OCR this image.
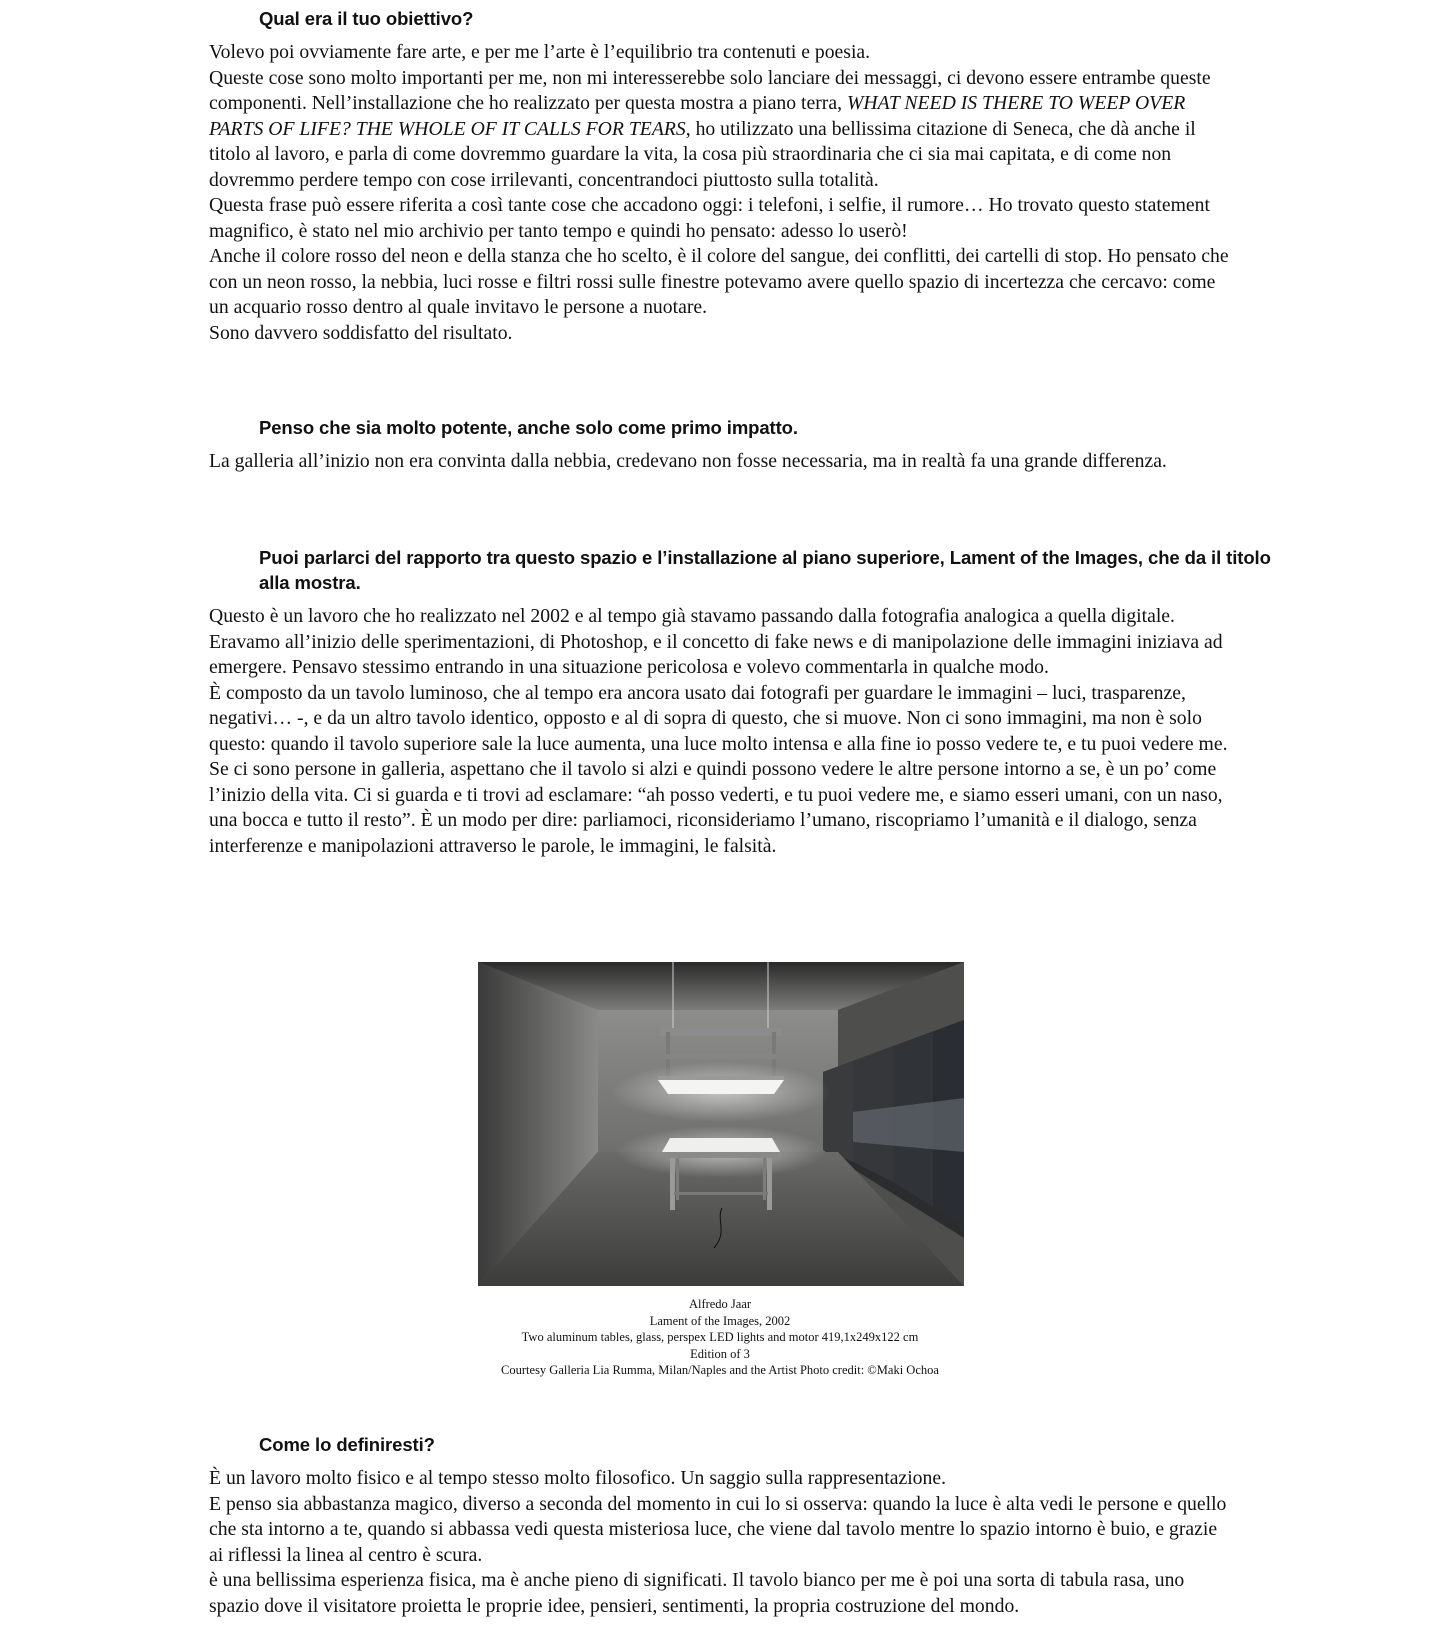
Qual era il tuo obiettivo?

Volevo poi ovviamente fare arte, e per me l’arte è l’equilibrio tra contenuti e poesia.

Queste cose sono molto importanti per me, non mi interesserebbe solo lanciare dei messaggi, ci devono essere entrambe queste componenti. Nell’installazione che ho realizzato per questa mostra a piano terra, WHAT NEED IS THERE TO WEEP OVER PARTS OF LIFE? THE WHOLE OF IT CALLS FOR TEARS, ho utilizzato una bellissima citazione di Seneca, che dà anche il titolo al lavoro, e parla di come dovremmo guardare la vita, la cosa più straordinaria che ci sia mai capitata, e di come non dovremmo perdere tempo con cose irrilevanti, concentrandoci piuttosto sulla totalità.

Questa frase può essere riferita a così tante cose che accadono oggi: i telefoni, i selfie, il rumore… Ho trovato questo statement magnifico, è stato nel mio archivio per tanto tempo e quindi ho pensato: adesso lo userò!

Anche il colore rosso del neon e della stanza che ho scelto, è il colore del sangue, dei conflitti, dei cartelli di stop. Ho pensato che con un neon rosso, la nebbia, luci rosse e filtri rossi sulle finestre potevamo avere quello spazio di incertezza che cercavo: come un acquario rosso dentro al quale invitavo le persone a nuotare.

Sono davvero soddisfatto del risultato.

Penso che sia molto potente, anche solo come primo impatto.

La galleria all’inizio non era convinta dalla nebbia, credevano non fosse necessaria, ma in realtà fa una grande differenza.

Puoi parlarci del rapporto tra questo spazio e l’installazione al piano superiore, Lament of the Images, che da il titolo alla mostra.

Questo è un lavoro che ho realizzato nel 2002 e al tempo già stavamo passando dalla fotografia analogica a quella digitale. Eravamo all’inizio delle sperimentazioni, di Photoshop, e il concetto di fake news e di manipolazione delle immagini iniziava ad emergere. Pensavo stessimo entrando in una situazione pericolosa e volevo commentarla in qualche modo.

È composto da un tavolo luminoso, che al tempo era ancora usato dai fotografi per guardare le immagini – luci, trasparenze, negativi… -, e da un altro tavolo identico, opposto e al di sopra di questo, che si muove. Non ci sono immagini, ma non è solo questo: quando il tavolo superiore sale la luce aumenta, una luce molto intensa e alla fine io posso vedere te, e tu puoi vedere me. Se ci sono persone in galleria, aspettano che il tavolo si alzi e quindi possono vedere le altre persone intorno a se, è un po’ come l’inizio della vita. Ci si guarda e ti trovi ad esclamare: “ah posso vederti, e tu puoi vedere me, e siamo esseri umani, con un naso, una bocca e tutto il resto”. È un modo per dire: parliamoci, riconsideriamo l’umano, riscopriamo l’umanità e il dialogo, senza interferenze e manipolazioni attraverso le parole, le immagini, le falsità.

Come lo definiresti?

È un lavoro molto fisico e al tempo stesso molto filosofico. Un saggio sulla rappresentazione.

E penso sia abbastanza magico, diverso a seconda del momento in cui lo si osserva: quando la luce è alta vedi le persone e quello che sta intorno a te, quando si abbassa vedi questa misteriosa luce, che viene dal tavolo mentre lo spazio intorno è buio, e grazie ai riflessi la linea al centro è scura.

è una bellissima esperienza fisica, ma è anche pieno di significati. Il tavolo bianco per me è poi una sorta di tabula rasa, uno spazio dove il visitatore proietta le proprie idee, pensieri, sentimenti, la propria costruzione del mondo.

Alfredo Jaar
Lament of the Images, 2002
Two aluminum tables, glass, perspex LED lights and motor 419,1x249x122 cm
Edition of 3
Courtesy Galleria Lia Rumma, Milan/Naples and the Artist Photo credit: ©Maki Ochoa
